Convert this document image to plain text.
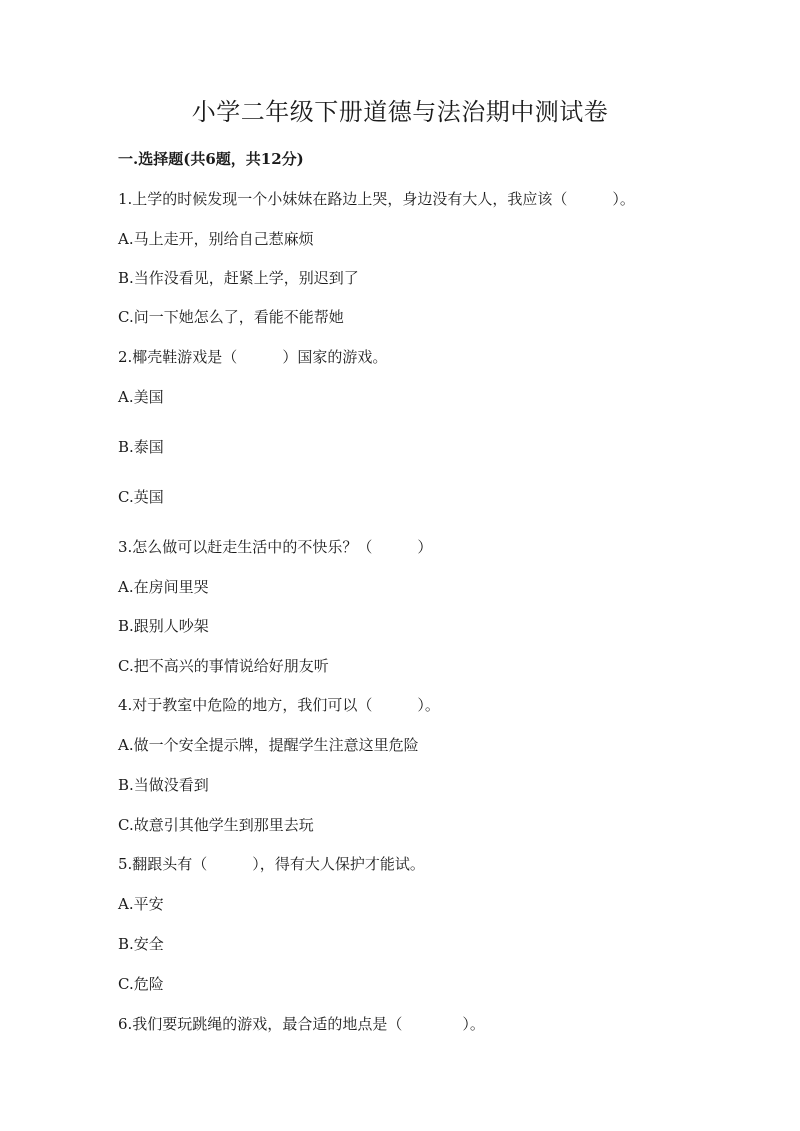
小学二年级下册道德与法治期中测试卷
一.选择题(共6题，共12分)
1.上学的时候发现一个小妹妹在路边上哭，身边没有大人，我应该（　　　）。
A.马上走开，别给自己惹麻烦
B.当作没看见，赶紧上学，别迟到了
C.问一下她怎么了，看能不能帮她
2.椰壳鞋游戏是（　　　）国家的游戏。
A.美国
B.泰国
C.英国
3.怎么做可以赶走生活中的不快乐？（　　　）
A.在房间里哭
B.跟别人吵架
C.把不高兴的事情说给好朋友听
4.对于教室中危险的地方，我们可以（　　　）。
A.做一个安全提示牌，提醒学生注意这里危险
B.当做没看到
C.故意引其他学生到那里去玩
5.翻跟头有（　　　），得有大人保护才能试。
A.平安
B.安全
C.危险
6.我们要玩跳绳的游戏，最合适的地点是（　　　　）。
